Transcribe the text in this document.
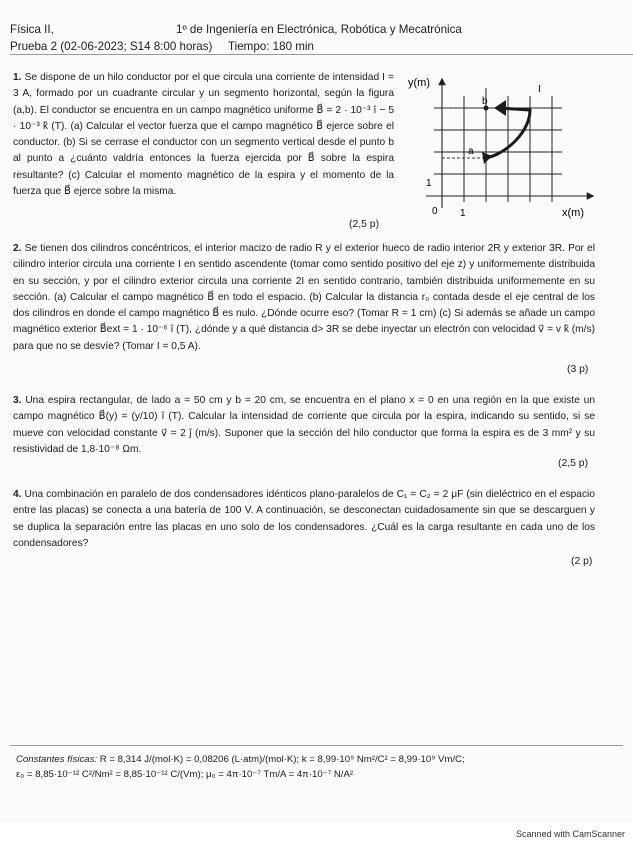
Física II,	1º de Ingeniería en Electrónica, Robótica y Mecatrónica
Prueba 2 (02-06-2023; S14 8:00 horas) Tiempo: 180 min
1. Se dispone de un hilo conductor por el que circula una corriente de intensidad I = 3 A, formado por un cuadrante circular y un segmento horizontal, según la figura (a,b). El conductor se encuentra en un campo magnético uniforme B⃗ = 2 · 10⁻³ î − 5 · 10⁻³ k̂ (T). (a) Calcular el vector fuerza que el campo magnético B⃗ ejerce sobre el conductor. (b) Si se cerrase el conductor con un segmento vertical desde el punto b al punto a ¿cuánto valdría entonces la fuerza ejercida por B⃗ sobre la espira resultante? (c) Calcular el momento magnético de la espira y el momento de la fuerza que B⃗ ejerce sobre la misma.
(2,5 p)
y(m)
x(m)
0 1
1
a
b
I
2. Se tienen dos cilindros concéntricos, el interior macizo de radio R y el exterior hueco de radio interior 2R y exterior 3R. Por el cilindro interior circula una corriente I en sentido ascendente (tomar como sentido positivo del eje z) y uniformemente distribuida en su sección, y por el cilindro exterior circula una corriente 2I en sentido contrario, también distribuida uniformemente en su sección. (a) Calcular el campo magnético B⃗ en todo el espacio. (b) Calcular la distancia r₀ contada desde el eje central de los dos cilindros en donde el campo magnético B⃗ es nulo. ¿Dónde ocurre eso? (Tomar R = 1 cm) (c) Si además se añade un campo magnético exterior B⃗ext = 1 · 10⁻⁶ î (T), ¿dónde y a qué distancia d> 3R se debe inyectar un electrón con velocidad v⃗ = v k̂ (m/s) para que no se desvíe? (Tomar I = 0,5 A).
(3 p)
3. Una espira rectangular, de lado a = 50 cm y b = 20 cm, se encuentra en el plano x = 0 en una región en la que existe un campo magnético B⃗(y) = (y/10) î (T). Calcular la intensidad de corriente que circula por la espira, indicando su sentido, si se mueve con velocidad constante v⃗ = 2 ĵ (m/s). Suponer que la sección del hilo conductor que forma la espira es de 3 mm² y su resistividad de 1,8·10⁻⁸ Ωm.
(2,5 p)
4. Una combinación en paralelo de dos condensadores idénticos plano-paralelos de C₁ = C₂ = 2 μF (sin dieléctrico en el espacio entre las placas) se conecta a una batería de 100 V. A continuación, se desconectan cuidadosamente sin que se descarguen y se duplica la separación entre las placas en uno solo de los condensadores. ¿Cuál es la carga resultante en cada uno de los condensadores?
(2 p)
Constantes físicas: R = 8,314 J/(mol·K) = 0,08206 (L·atm)/(mol·K); k = 8,99·10⁹ Nm²/C² = 8,99·10⁹ Vm/C;
ε₀ = 8,85·10⁻¹² C²/Nm² = 8,85·10⁻¹² C/(Vm); μ₀ = 4π·10⁻⁷ Tm/A = 4π·10⁻⁷ N/A²
Scanned with CamScanner
